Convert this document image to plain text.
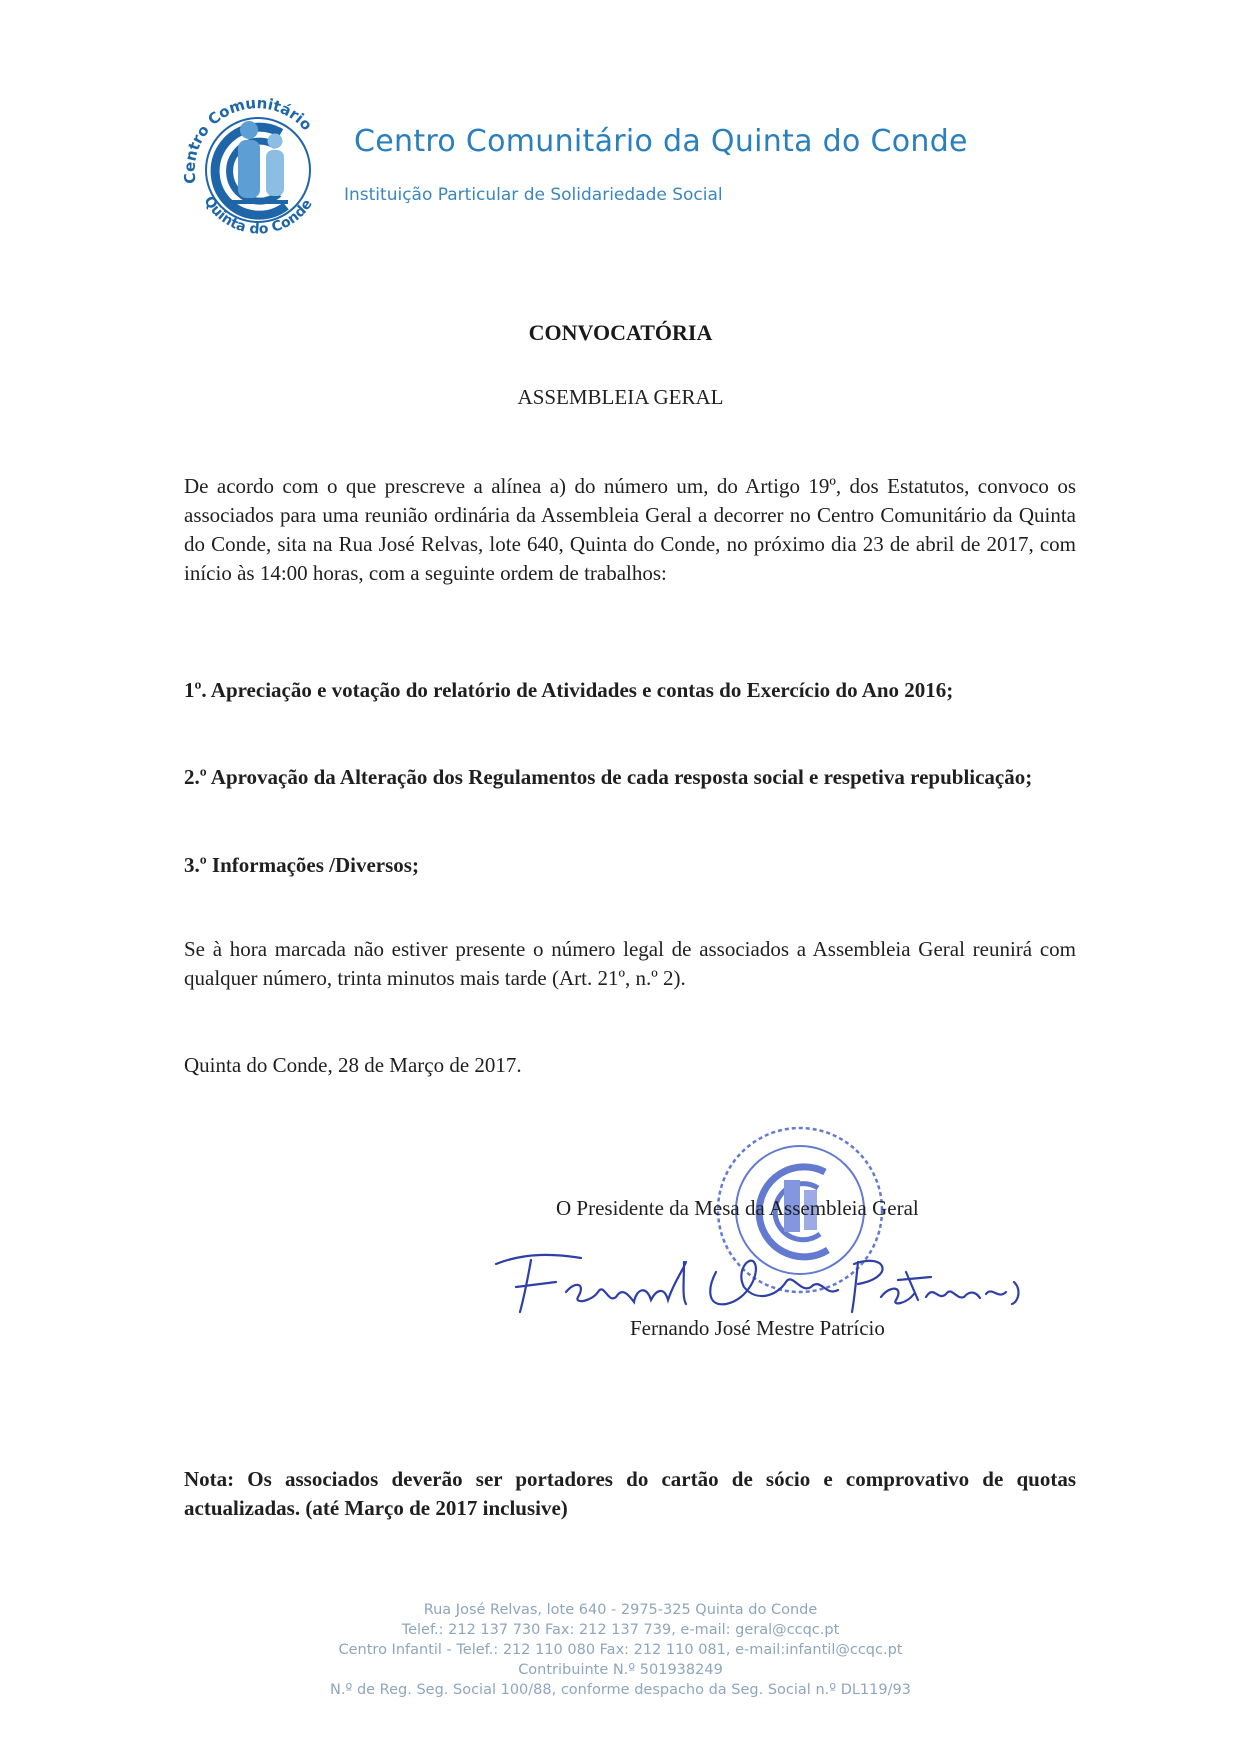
Centro Comunitário
Quinta do Conde
Centro Comunitário da Quinta do Conde
Instituição Particular de Solidariedade Social
CONVOCATÓRIA
ASSEMBLEIA GERAL

De acordo com o que prescreve a alínea a) do número um, do Artigo 19º, dos Estatutos, convoco os associados para uma reunião ordinária da Assembleia Geral a decorrer no Centro Comunitário da Quinta do Conde, sita na Rua José Relvas, lote 640, Quinta do Conde, no próximo dia 23 de abril de 2017, com início às 14:00 horas, com a seguinte ordem de trabalhos:

1º. Apreciação e votação do relatório de Atividades e contas do Exercício do Ano 2016;

2.º Aprovação da Alteração dos Regulamentos de cada resposta social e respetiva republicação;

3.º Informações /Diversos;

Se à hora marcada não estiver presente o número legal de associados a Assembleia Geral reunirá com qualquer número, trinta minutos mais tarde (Art. 21º, n.º 2).

Quinta do Conde, 28 de Março de 2017.

O Presidente da Mesa da Assembleia Geral
Fernando José Mestre Patrício

Nota: Os associados deverão ser portadores do cartão de sócio e comprovativo de quotas actualizadas. (até Março de 2017 inclusive)

Rua José Relvas, lote 640 - 2975-325 Quinta do Conde
Telef.: 212 137 730 Fax: 212 137 739, e-mail: geral@ccqc.pt
Centro Infantil - Telef.: 212 110 080 Fax: 212 110 081, e-mail:infantil@ccqc.pt
Contribuinte N.º 501938249
N.º de Reg. Seg. Social 100/88, conforme despacho da Seg. Social n.º DL119/93
